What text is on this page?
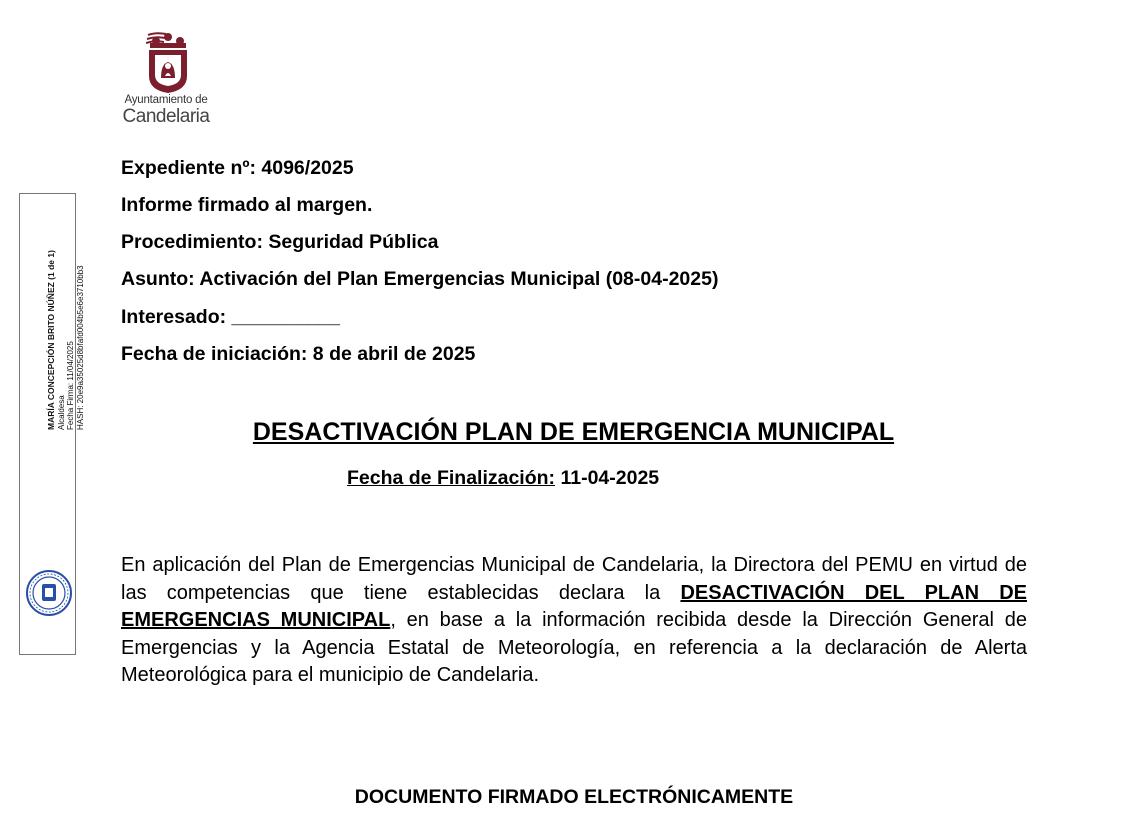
Ayuntamiento de
Candelaria
Expediente nº: 4096/2025
Informe firmado al margen.
Procedimiento: Seguridad Pública
Asunto: Activación del Plan Emergencias Municipal (08-04-2025)
Interesado: __________
Fecha de iniciación: 8 de abril de 2025
MARÍA CONCEPCIÓN BRITO NÚÑEZ (1 de 1) Alcaldesa Fecha Firma: 11/04/2025 HASH: 20e9a35025d8bfafd004b5e6e3710bb3
DESACTIVACIÓN PLAN DE EMERGENCIA MUNICIPAL
Fecha de Finalización: 11-04-2025
En aplicación del Plan de Emergencias Municipal de Candelaria, la Directora del PEMU en virtud de las competencias que tiene establecidas declara la DESACTIVACIÓN DEL PLAN DE EMERGENCIAS MUNICIPAL, en base a la información recibida desde la Dirección General de Emergencias y la Agencia Estatal de Meteorología, en referencia a la declaración de Alerta Meteorológica para el municipio de Candelaria.
DOCUMENTO FIRMADO ELECTRÓNICAMENTE
